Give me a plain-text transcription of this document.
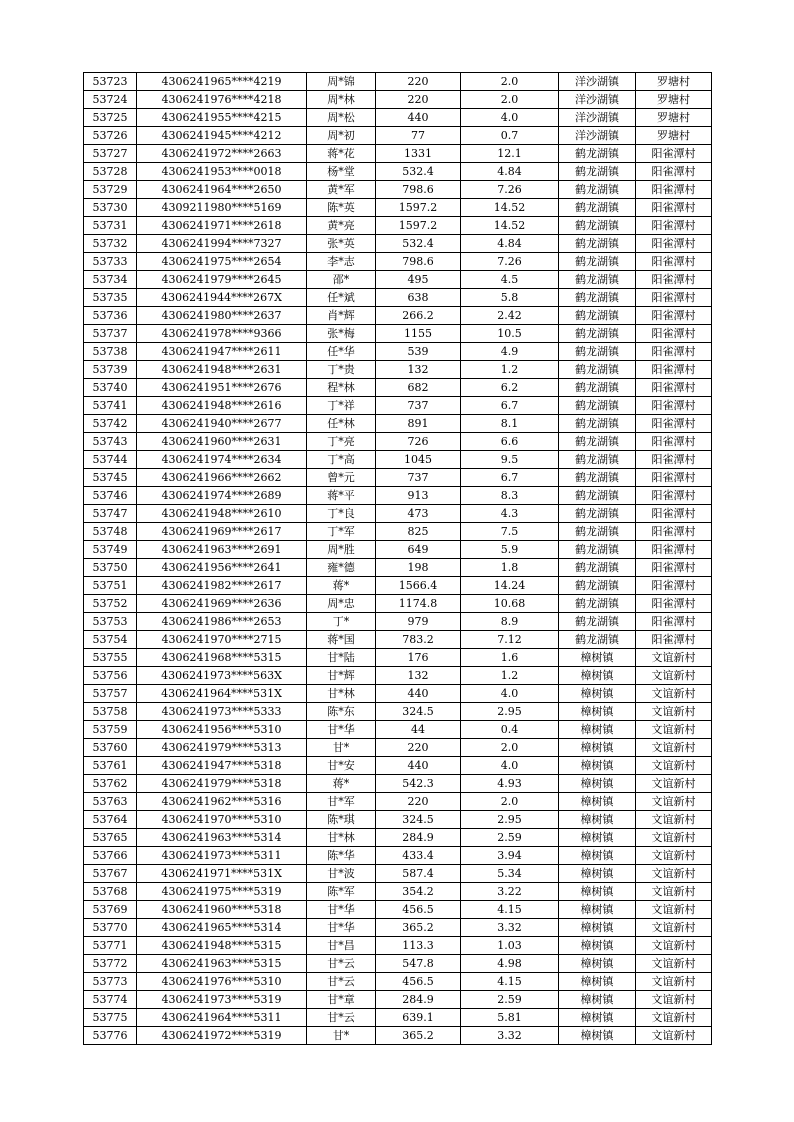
53723	4306241965****4219	周*锦	220	2.0	洋沙湖镇	罗塘村
53724	4306241976****4218	周*林	220	2.0	洋沙湖镇	罗塘村
53725	4306241955****4215	周*松	440	4.0	洋沙湖镇	罗塘村
53726	4306241945****4212	周*初	77	0.7	洋沙湖镇	罗塘村
53727	4306241972****2663	蒋*花	1331	12.1	鹤龙湖镇	阳雀潭村
53728	4306241953****0018	杨*堂	532.4	4.84	鹤龙湖镇	阳雀潭村
53729	4306241964****2650	黄*军	798.6	7.26	鹤龙湖镇	阳雀潭村
53730	4309211980****5169	陈*英	1597.2	14.52	鹤龙湖镇	阳雀潭村
53731	4306241971****2618	黄*亮	1597.2	14.52	鹤龙湖镇	阳雀潭村
53732	4306241994****7327	张*英	532.4	4.84	鹤龙湖镇	阳雀潭村
53733	4306241975****2654	李*志	798.6	7.26	鹤龙湖镇	阳雀潭村
53734	4306241979****2645	邵*	495	4.5	鹤龙湖镇	阳雀潭村
53735	4306241944****267X	任*斌	638	5.8	鹤龙湖镇	阳雀潭村
53736	4306241980****2637	肖*辉	266.2	2.42	鹤龙湖镇	阳雀潭村
53737	4306241978****9366	张*梅	1155	10.5	鹤龙湖镇	阳雀潭村
53738	4306241947****2611	任*华	539	4.9	鹤龙湖镇	阳雀潭村
53739	4306241948****2631	丁*贵	132	1.2	鹤龙湖镇	阳雀潭村
53740	4306241951****2676	程*林	682	6.2	鹤龙湖镇	阳雀潭村
53741	4306241948****2616	丁*祥	737	6.7	鹤龙湖镇	阳雀潭村
53742	4306241940****2677	任*林	891	8.1	鹤龙湖镇	阳雀潭村
53743	4306241960****2631	丁*亮	726	6.6	鹤龙湖镇	阳雀潭村
53744	4306241974****2634	丁*高	1045	9.5	鹤龙湖镇	阳雀潭村
53745	4306241966****2662	曾*元	737	6.7	鹤龙湖镇	阳雀潭村
53746	4306241974****2689	蒋*平	913	8.3	鹤龙湖镇	阳雀潭村
53747	4306241948****2610	丁*良	473	4.3	鹤龙湖镇	阳雀潭村
53748	4306241969****2617	丁*军	825	7.5	鹤龙湖镇	阳雀潭村
53749	4306241963****2691	周*胜	649	5.9	鹤龙湖镇	阳雀潭村
53750	4306241956****2641	雍*德	198	1.8	鹤龙湖镇	阳雀潭村
53751	4306241982****2617	蒋*	1566.4	14.24	鹤龙湖镇	阳雀潭村
53752	4306241969****2636	周*忠	1174.8	10.68	鹤龙湖镇	阳雀潭村
53753	4306241986****2653	丁*	979	8.9	鹤龙湖镇	阳雀潭村
53754	4306241970****2715	蒋*国	783.2	7.12	鹤龙湖镇	阳雀潭村
53755	4306241968****5315	甘*陆	176	1.6	樟树镇	文谊新村
53756	4306241973****563X	甘*辉	132	1.2	樟树镇	文谊新村
53757	4306241964****531X	甘*林	440	4.0	樟树镇	文谊新村
53758	4306241973****5333	陈*东	324.5	2.95	樟树镇	文谊新村
53759	4306241956****5310	甘*华	44	0.4	樟树镇	文谊新村
53760	4306241979****5313	甘*	220	2.0	樟树镇	文谊新村
53761	4306241947****5318	甘*安	440	4.0	樟树镇	文谊新村
53762	4306241979****5318	蒋*	542.3	4.93	樟树镇	文谊新村
53763	4306241962****5316	甘*军	220	2.0	樟树镇	文谊新村
53764	4306241970****5310	陈*琪	324.5	2.95	樟树镇	文谊新村
53765	4306241963****5314	甘*林	284.9	2.59	樟树镇	文谊新村
53766	4306241973****5311	陈*华	433.4	3.94	樟树镇	文谊新村
53767	4306241971****531X	甘*波	587.4	5.34	樟树镇	文谊新村
53768	4306241975****5319	陈*军	354.2	3.22	樟树镇	文谊新村
53769	4306241960****5318	甘*华	456.5	4.15	樟树镇	文谊新村
53770	4306241965****5314	甘*华	365.2	3.32	樟树镇	文谊新村
53771	4306241948****5315	甘*昌	113.3	1.03	樟树镇	文谊新村
53772	4306241963****5315	甘*云	547.8	4.98	樟树镇	文谊新村
53773	4306241976****5310	甘*云	456.5	4.15	樟树镇	文谊新村
53774	4306241973****5319	甘*章	284.9	2.59	樟树镇	文谊新村
53775	4306241964****5311	甘*云	639.1	5.81	樟树镇	文谊新村
53776	4306241972****5319	甘*	365.2	3.32	樟树镇	文谊新村
